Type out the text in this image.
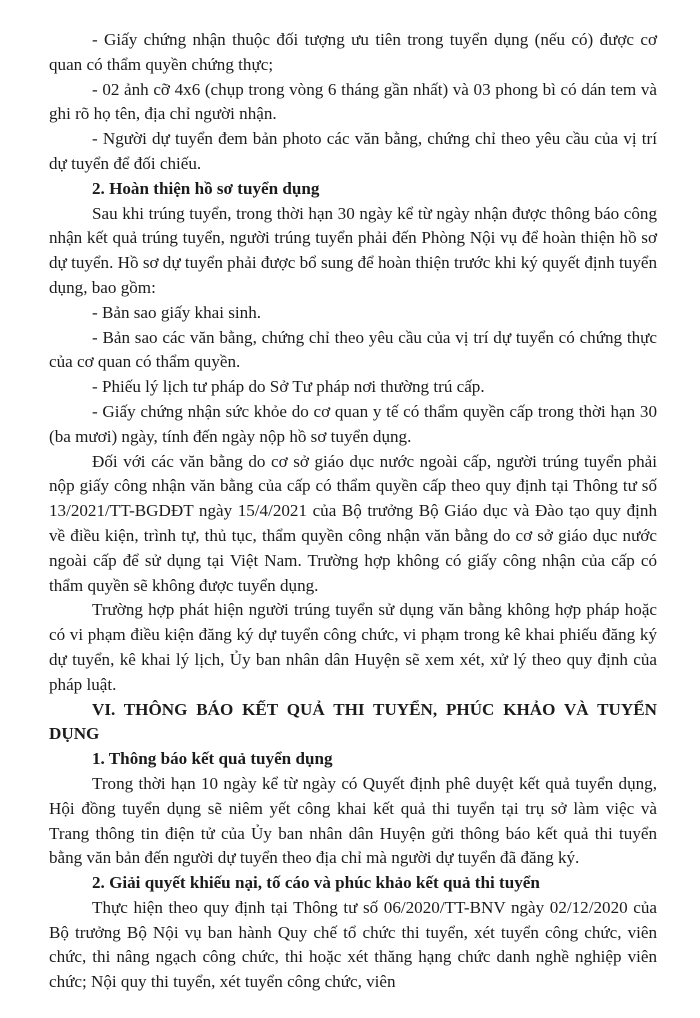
- Giấy chứng nhận thuộc đối tượng ưu tiên trong tuyển dụng (nếu có) được cơ quan có thẩm quyền chứng thực;

- 02 ảnh cỡ 4x6 (chụp trong vòng 6 tháng gần nhất) và 03 phong bì có dán tem và ghi rõ họ tên, địa chỉ người nhận.

- Người dự tuyển đem bản photo các văn bằng, chứng chỉ theo yêu cầu của vị trí dự tuyển để đối chiếu.

2. Hoàn thiện hồ sơ tuyển dụng

Sau khi trúng tuyển, trong thời hạn 30 ngày kể từ ngày nhận được thông báo công nhận kết quả trúng tuyển, người trúng tuyển phải đến Phòng Nội vụ để hoàn thiện hồ sơ dự tuyển. Hồ sơ dự tuyển phải được bổ sung để hoàn thiện trước khi ký quyết định tuyển dụng, bao gồm:

- Bản sao giấy khai sinh.

- Bản sao các văn bằng, chứng chỉ theo yêu cầu của vị trí dự tuyển có chứng thực của cơ quan có thẩm quyền.

- Phiếu lý lịch tư pháp do Sở Tư pháp nơi thường trú cấp.

- Giấy chứng nhận sức khỏe do cơ quan y tế có thẩm quyền cấp trong thời hạn 30 (ba mươi) ngày, tính đến ngày nộp hồ sơ tuyển dụng.

Đối với các văn bằng do cơ sở giáo dục nước ngoài cấp, người trúng tuyển phải nộp giấy công nhận văn bằng của cấp có thẩm quyền cấp theo quy định tại Thông tư số 13/2021/TT-BGDĐT ngày 15/4/2021 của Bộ trưởng Bộ Giáo dục và Đào tạo quy định về điều kiện, trình tự, thủ tục, thẩm quyền công nhận văn bằng do cơ sở giáo dục nước ngoài cấp để sử dụng tại Việt Nam. Trường hợp không có giấy công nhận của cấp có thẩm quyền sẽ không được tuyển dụng.

Trường hợp phát hiện người trúng tuyển sử dụng văn bằng không hợp pháp hoặc có vi phạm điều kiện đăng ký dự tuyển công chức, vi phạm trong kê khai phiếu đăng ký dự tuyển, kê khai lý lịch, Ủy ban nhân dân Huyện sẽ xem xét, xử lý theo quy định của pháp luật.

VI. THÔNG BÁO KẾT QUẢ THI TUYỂN, PHÚC KHẢO VÀ TUYỂN DỤNG

1. Thông báo kết quả tuyển dụng

Trong thời hạn 10 ngày kể từ ngày có Quyết định phê duyệt kết quả tuyển dụng, Hội đồng tuyển dụng sẽ niêm yết công khai kết quả thi tuyển tại trụ sở làm việc và Trang thông tin điện tử của Ủy ban nhân dân Huyện gửi thông báo kết quả thi tuyển bằng văn bản đến người dự tuyển theo địa chỉ mà người dự tuyển đã đăng ký.

2. Giải quyết khiếu nại, tố cáo và phúc khảo kết quả thi tuyển

Thực hiện theo quy định tại Thông tư số 06/2020/TT-BNV ngày 02/12/2020 của Bộ trưởng Bộ Nội vụ ban hành Quy chế tổ chức thi tuyển, xét tuyển công chức, viên chức, thi nâng ngạch công chức, thi hoặc xét thăng hạng chức danh nghề nghiệp viên chức; Nội quy thi tuyển, xét tuyển công chức, viên
